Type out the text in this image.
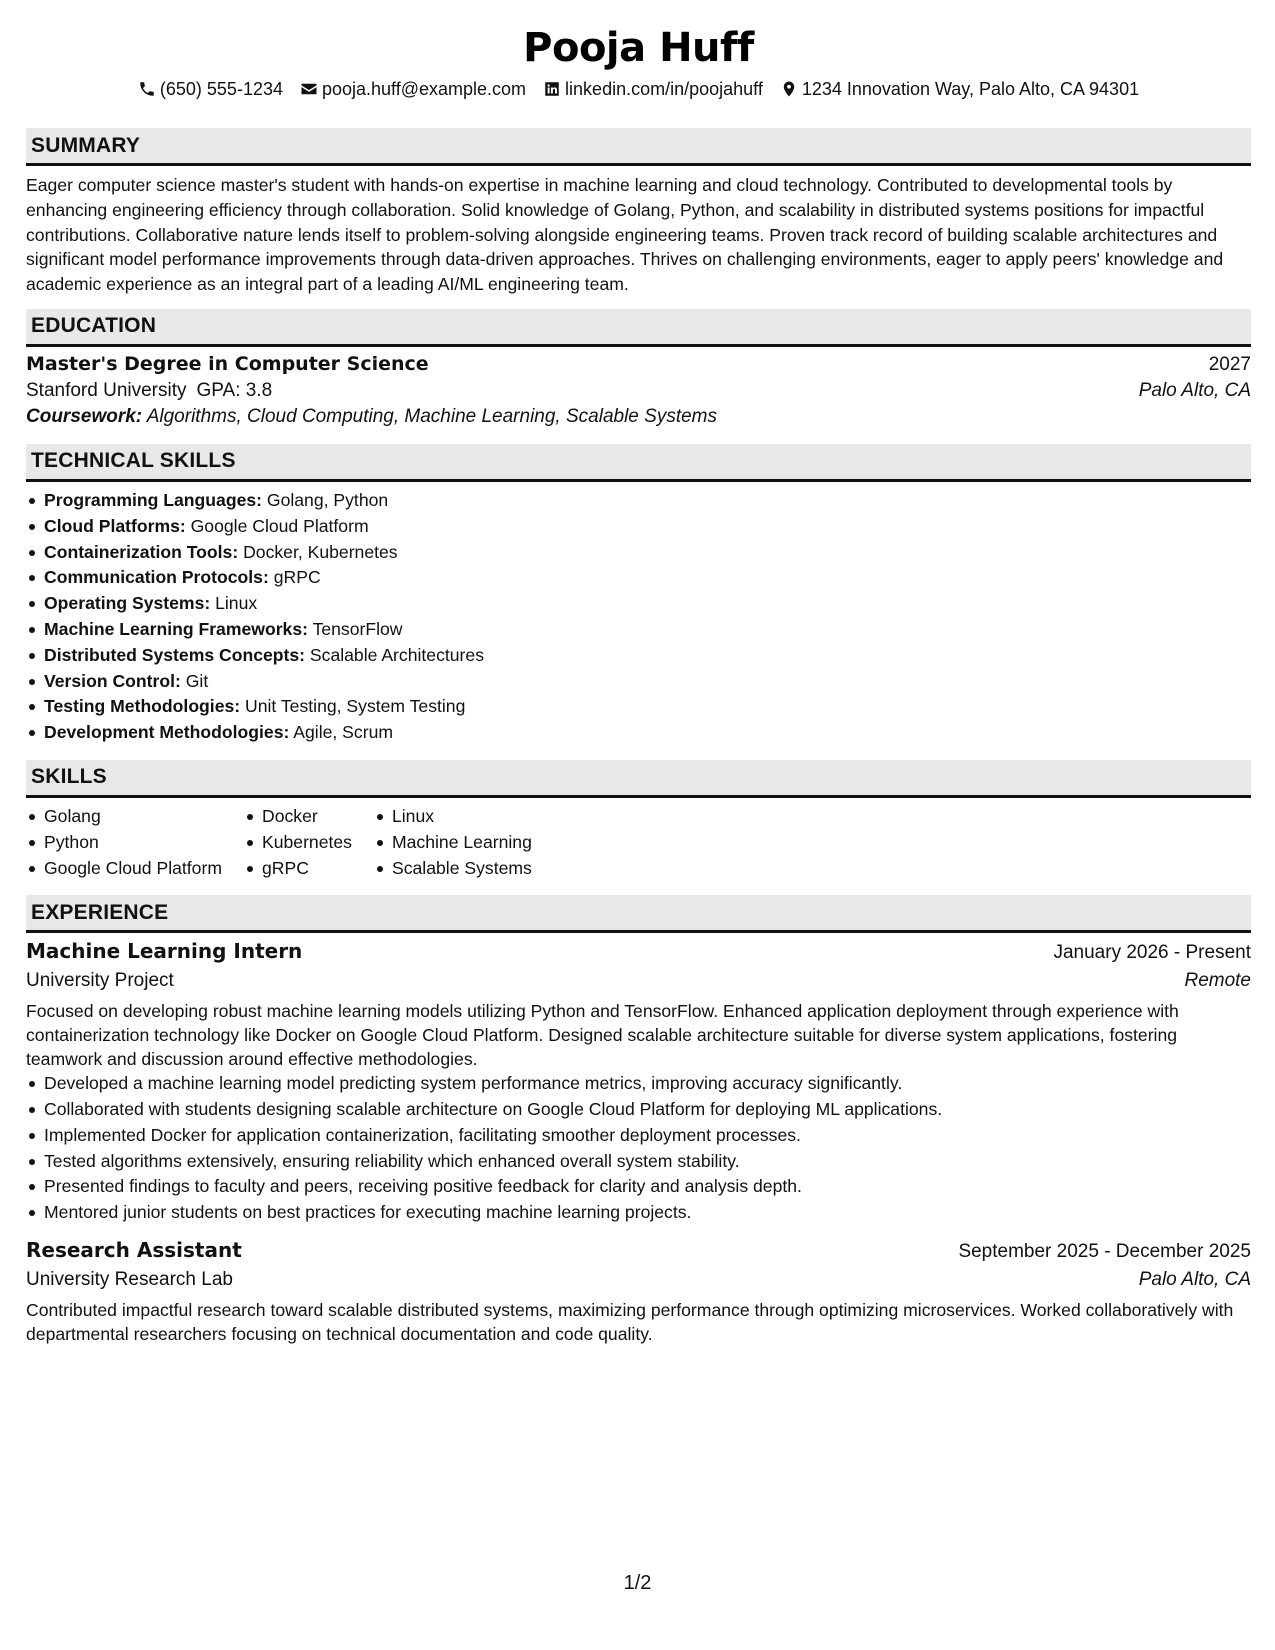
Pooja Huff
(650) 555-1234 pooja.huff@example.com linkedin.com/in/poojahuff 1234 Innovation Way, Palo Alto, CA 94301
SUMMARY

Eager computer science master's student with hands-on expertise in machine learning and cloud technology. Contributed to developmental tools by enhancing engineering efficiency through collaboration. Solid knowledge of Golang, Python, and scalability in distributed systems positions for impactful contributions. Collaborative nature lends itself to problem-solving alongside engineering teams. Proven track record of building scalable architectures and significant model performance improvements through data-driven approaches. Thrives on challenging environments, eager to apply peers' knowledge and academic experience as an integral part of a leading AI/ML engineering team.

EDUCATION
Master's Degree in Computer Science	2027
Stanford University GPA: 3.8	Palo Alto, CA
Coursework: Algorithms, Cloud Computing, Machine Learning, Scalable Systems
TECHNICAL SKILLS
Programming Languages: Golang, Python
Cloud Platforms: Google Cloud Platform
Containerization Tools: Docker, Kubernetes
Communication Protocols: gRPC
Operating Systems: Linux
Machine Learning Frameworks: TensorFlow
Distributed Systems Concepts: Scalable Architectures
Version Control: Git
Testing Methodologies: Unit Testing, System Testing
Development Methodologies: Agile, Scrum
SKILLS
Golang
Python
Google Cloud Platform
Docker
Kubernetes
gRPC
Linux
Machine Learning
Scalable Systems
EXPERIENCE
Machine Learning Intern	January 2026 - Present
University Project	Remote

Focused on developing robust machine learning models utilizing Python and TensorFlow. Enhanced application deployment through experience with containerization technology like Docker on Google Cloud Platform. Designed scalable architecture suitable for diverse system applications, fostering teamwork and discussion around effective methodologies.

Developed a machine learning model predicting system performance metrics, improving accuracy significantly.
Collaborated with students designing scalable architecture on Google Cloud Platform for deploying ML applications.
Implemented Docker for application containerization, facilitating smoother deployment processes.
Tested algorithms extensively, ensuring reliability which enhanced overall system stability.
Presented findings to faculty and peers, receiving positive feedback for clarity and analysis depth.
Mentored junior students on best practices for executing machine learning projects.
Research Assistant	September 2025 - December 2025
University Research Lab	Palo Alto, CA

Contributed impactful research toward scalable distributed systems, maximizing performance through optimizing microservices. Worked collaboratively with departmental researchers focusing on technical documentation and code quality.

1/2
